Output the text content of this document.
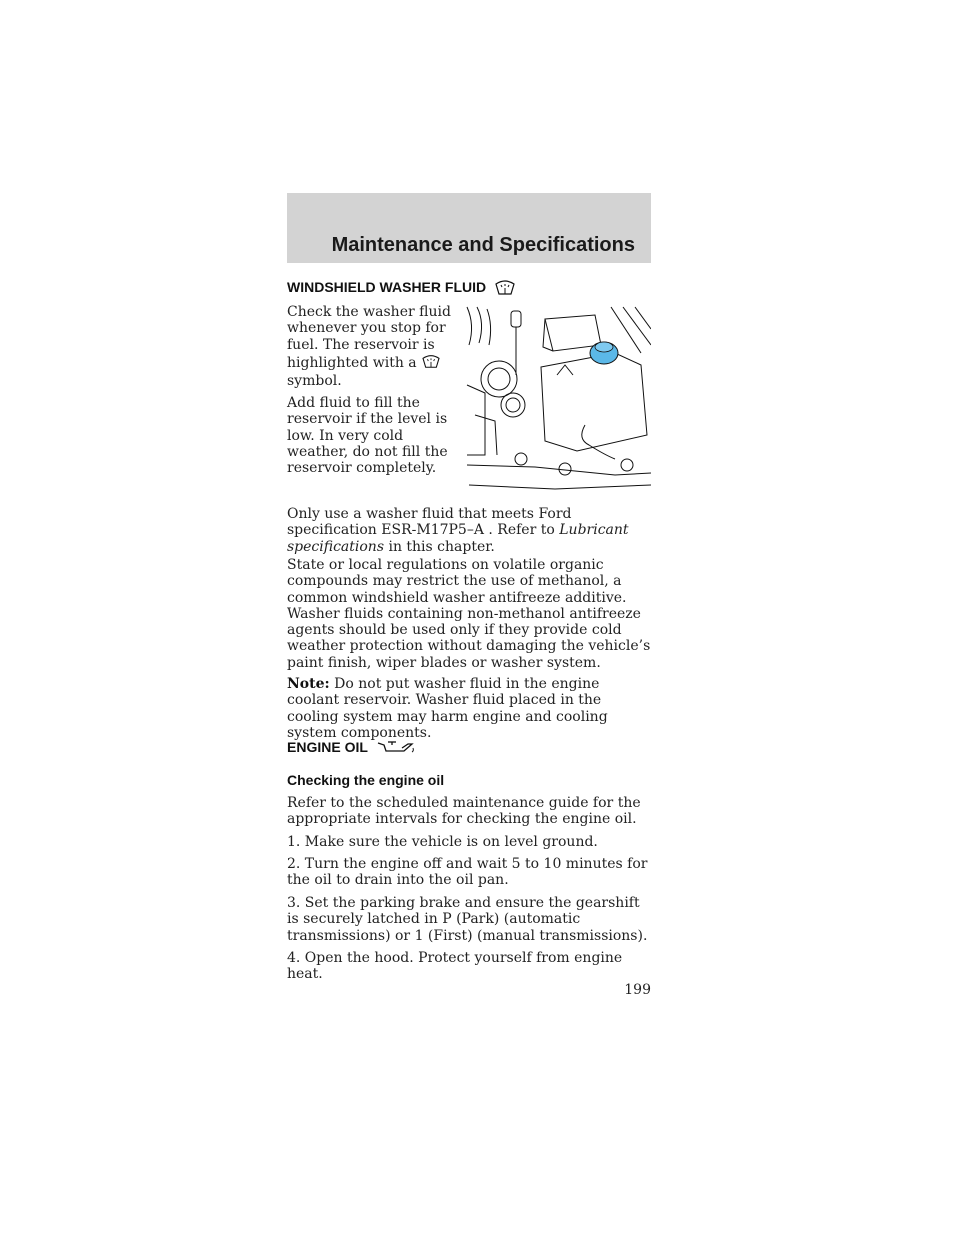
Maintenance and Specifications
WINDSHIELD WASHER FLUID
Check the washer fluid whenever you stop for fuel. The reservoir is highlighted with a  symbol.
Add fluid to fill the reservoir if the level is low. In very cold weather, do not fill the reservoir completely.
Only use a washer fluid that meets Ford specification ESR-M17P5–A . Refer to Lubricant specifications in this chapter.
State or local regulations on volatile organic compounds may restrict the use of methanol, a common windshield washer antifreeze additive. Washer fluids containing non-methanol antifreeze agents should be used only if they provide cold weather protection without damaging the vehicle’s paint finish, wiper blades or washer system.
Note: Do not put washer fluid in the engine coolant reservoir. Washer fluid placed in the cooling system may harm engine and cooling system components.
ENGINE OIL
Checking the engine oil
Refer to the scheduled maintenance guide for the appropriate intervals for checking the engine oil.
1. Make sure the vehicle is on level ground.
2. Turn the engine off and wait 5 to 10 minutes for the oil to drain into the oil pan.
3. Set the parking brake and ensure the gearshift is securely latched in P (Park) (automatic transmissions) or 1 (First) (manual transmissions).
4. Open the hood. Protect yourself from engine heat.
199
